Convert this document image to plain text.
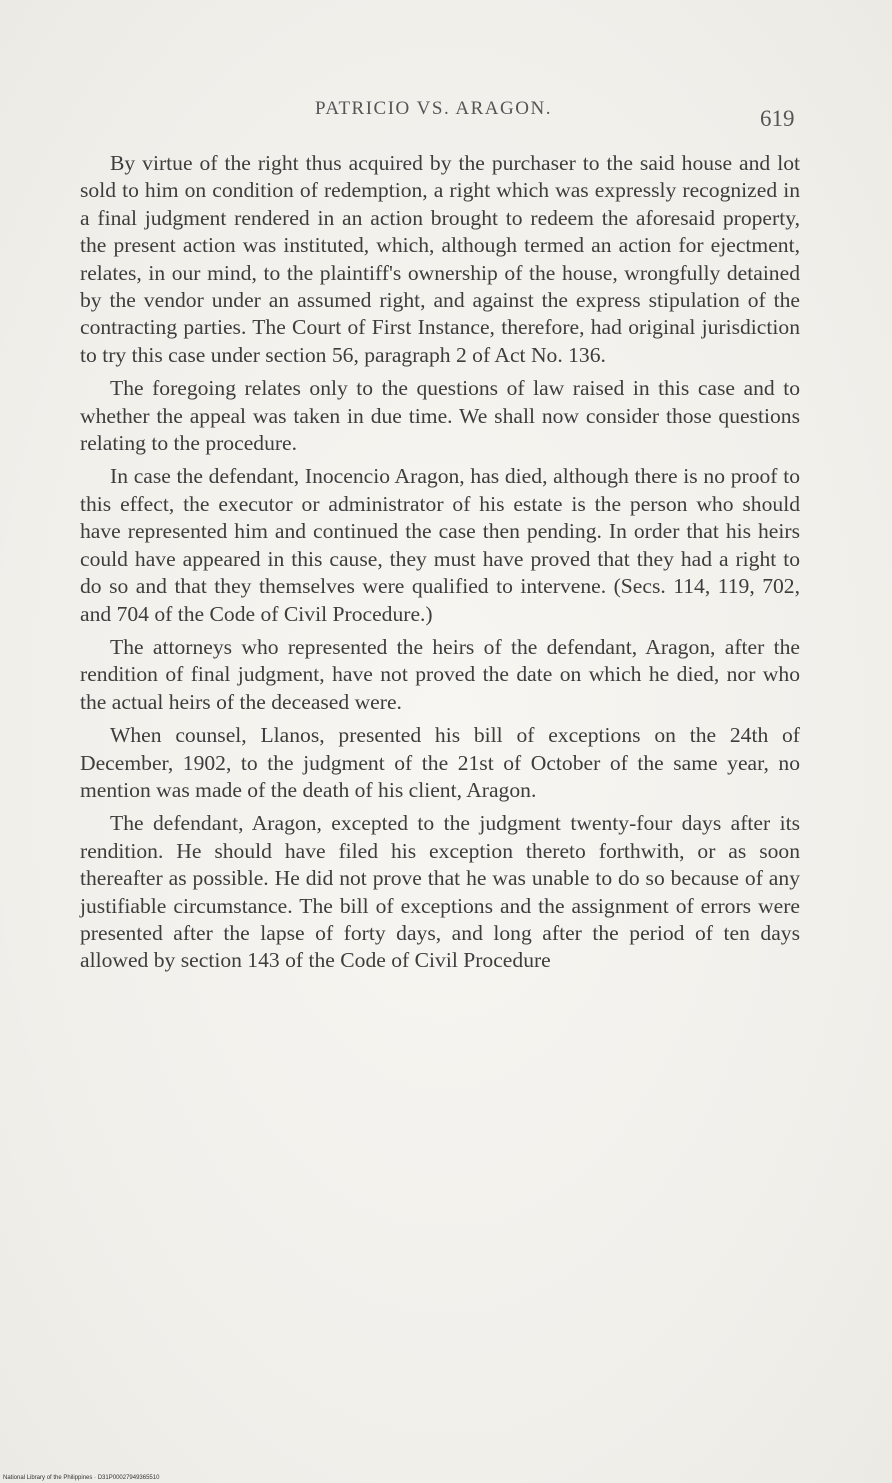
PATRICIO VS. ARAGON.	619

By virtue of the right thus acquired by the purchaser to the said house and lot sold to him on condition of redemption, a right which was expressly recognized in a final judgment rendered in an action brought to redeem the aforesaid property, the present action was instituted, which, although termed an action for ejectment, relates, in our mind, to the plaintiff's ownership of the house, wrongfully detained by the vendor under an assumed right, and against the express stipulation of the contracting parties. The Court of First Instance, therefore, had original jurisdiction to try this case under section 56, paragraph 2 of Act No. 136.

The foregoing relates only to the questions of law raised in this case and to whether the appeal was taken in due time. We shall now consider those questions relating to the procedure.

In case the defendant, Inocencio Aragon, has died, although there is no proof to this effect, the executor or administrator of his estate is the person who should have represented him and continued the case then pending. In order that his heirs could have appeared in this cause, they must have proved that they had a right to do so and that they themselves were qualified to intervene. (Secs. 114, 119, 702, and 704 of the Code of Civil Procedure.)

The attorneys who represented the heirs of the defendant, Aragon, after the rendition of final judgment, have not proved the date on which he died, nor who the actual heirs of the deceased were.

When counsel, Llanos, presented his bill of exceptions on the 24th of December, 1902, to the judgment of the 21st of October of the same year, no mention was made of the death of his client, Aragon.

The defendant, Aragon, excepted to the judgment twenty-four days after its rendition. He should have filed his exception thereto forthwith, or as soon thereafter as possible. He did not prove that he was unable to do so because of any justifiable circumstance. The bill of exceptions and the assignment of errors were presented after the lapse of forty days, and long after the period of ten days allowed by section 143 of the Code of Civil Procedure

National Library of the Philippines · D31P00027949365510
